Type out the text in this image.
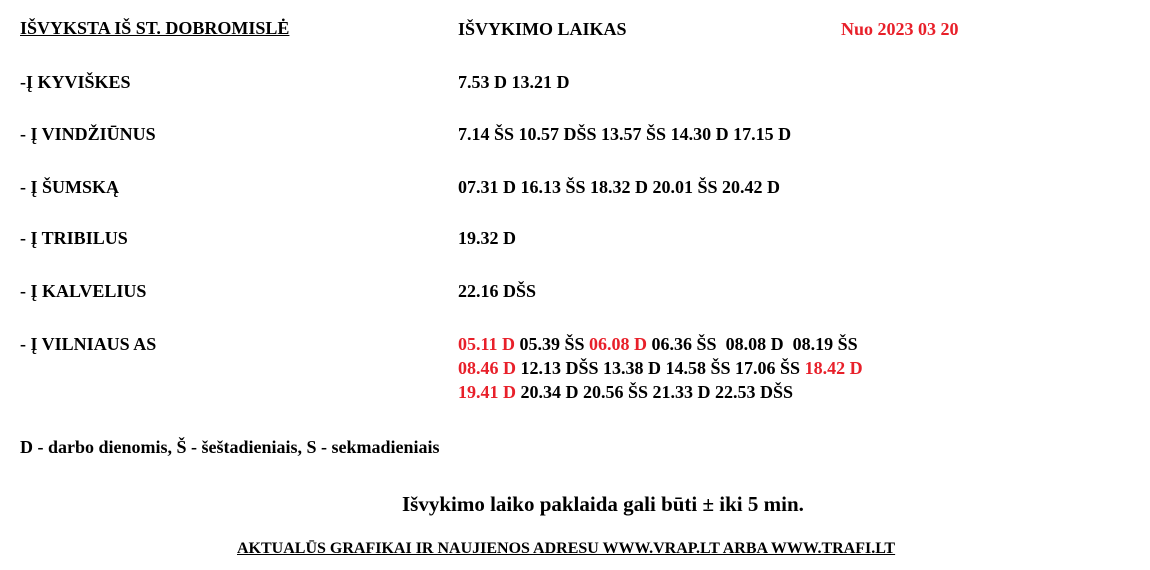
IŠVYKSTA IŠ ST. DOBROMISLĖ	IŠVYKIMO LAIKAS	Nuo 2023 03 20
-Į KYVIŠKES	7.53 D 13.21 D
- Į VINDŽIŪNUS	7.14 ŠS 10.57 DŠS 13.57 ŠS 14.30 D 17.15 D
- Į ŠUMSKĄ	07.31 D 16.13 ŠS 18.32 D 20.01 ŠS 20.42 D
- Į TRIBILUS	19.32 D
- Į KALVELIUS	22.16 DŠS
- Į VILNIAUS AS	05.11 D 05.39 ŠS 06.08 D 06.36 ŠS  08.08 D  08.19 ŠS
08.46 D 12.13 DŠS 13.38 D 14.58 ŠS 17.06 ŠS 18.42 D
19.41 D 20.34 D 20.56 ŠS 21.33 D 22.53 DŠS
D - darbo dienomis, Š - šeštadieniais, S - sekmadieniais
Išvykimo laiko paklaida gali būti ± iki 5 min.
AKTUALŪS GRAFIKAI IR NAUJIENOS ADRESU WWW.VRAP.LT ARBA WWW.TRAFI.LT
